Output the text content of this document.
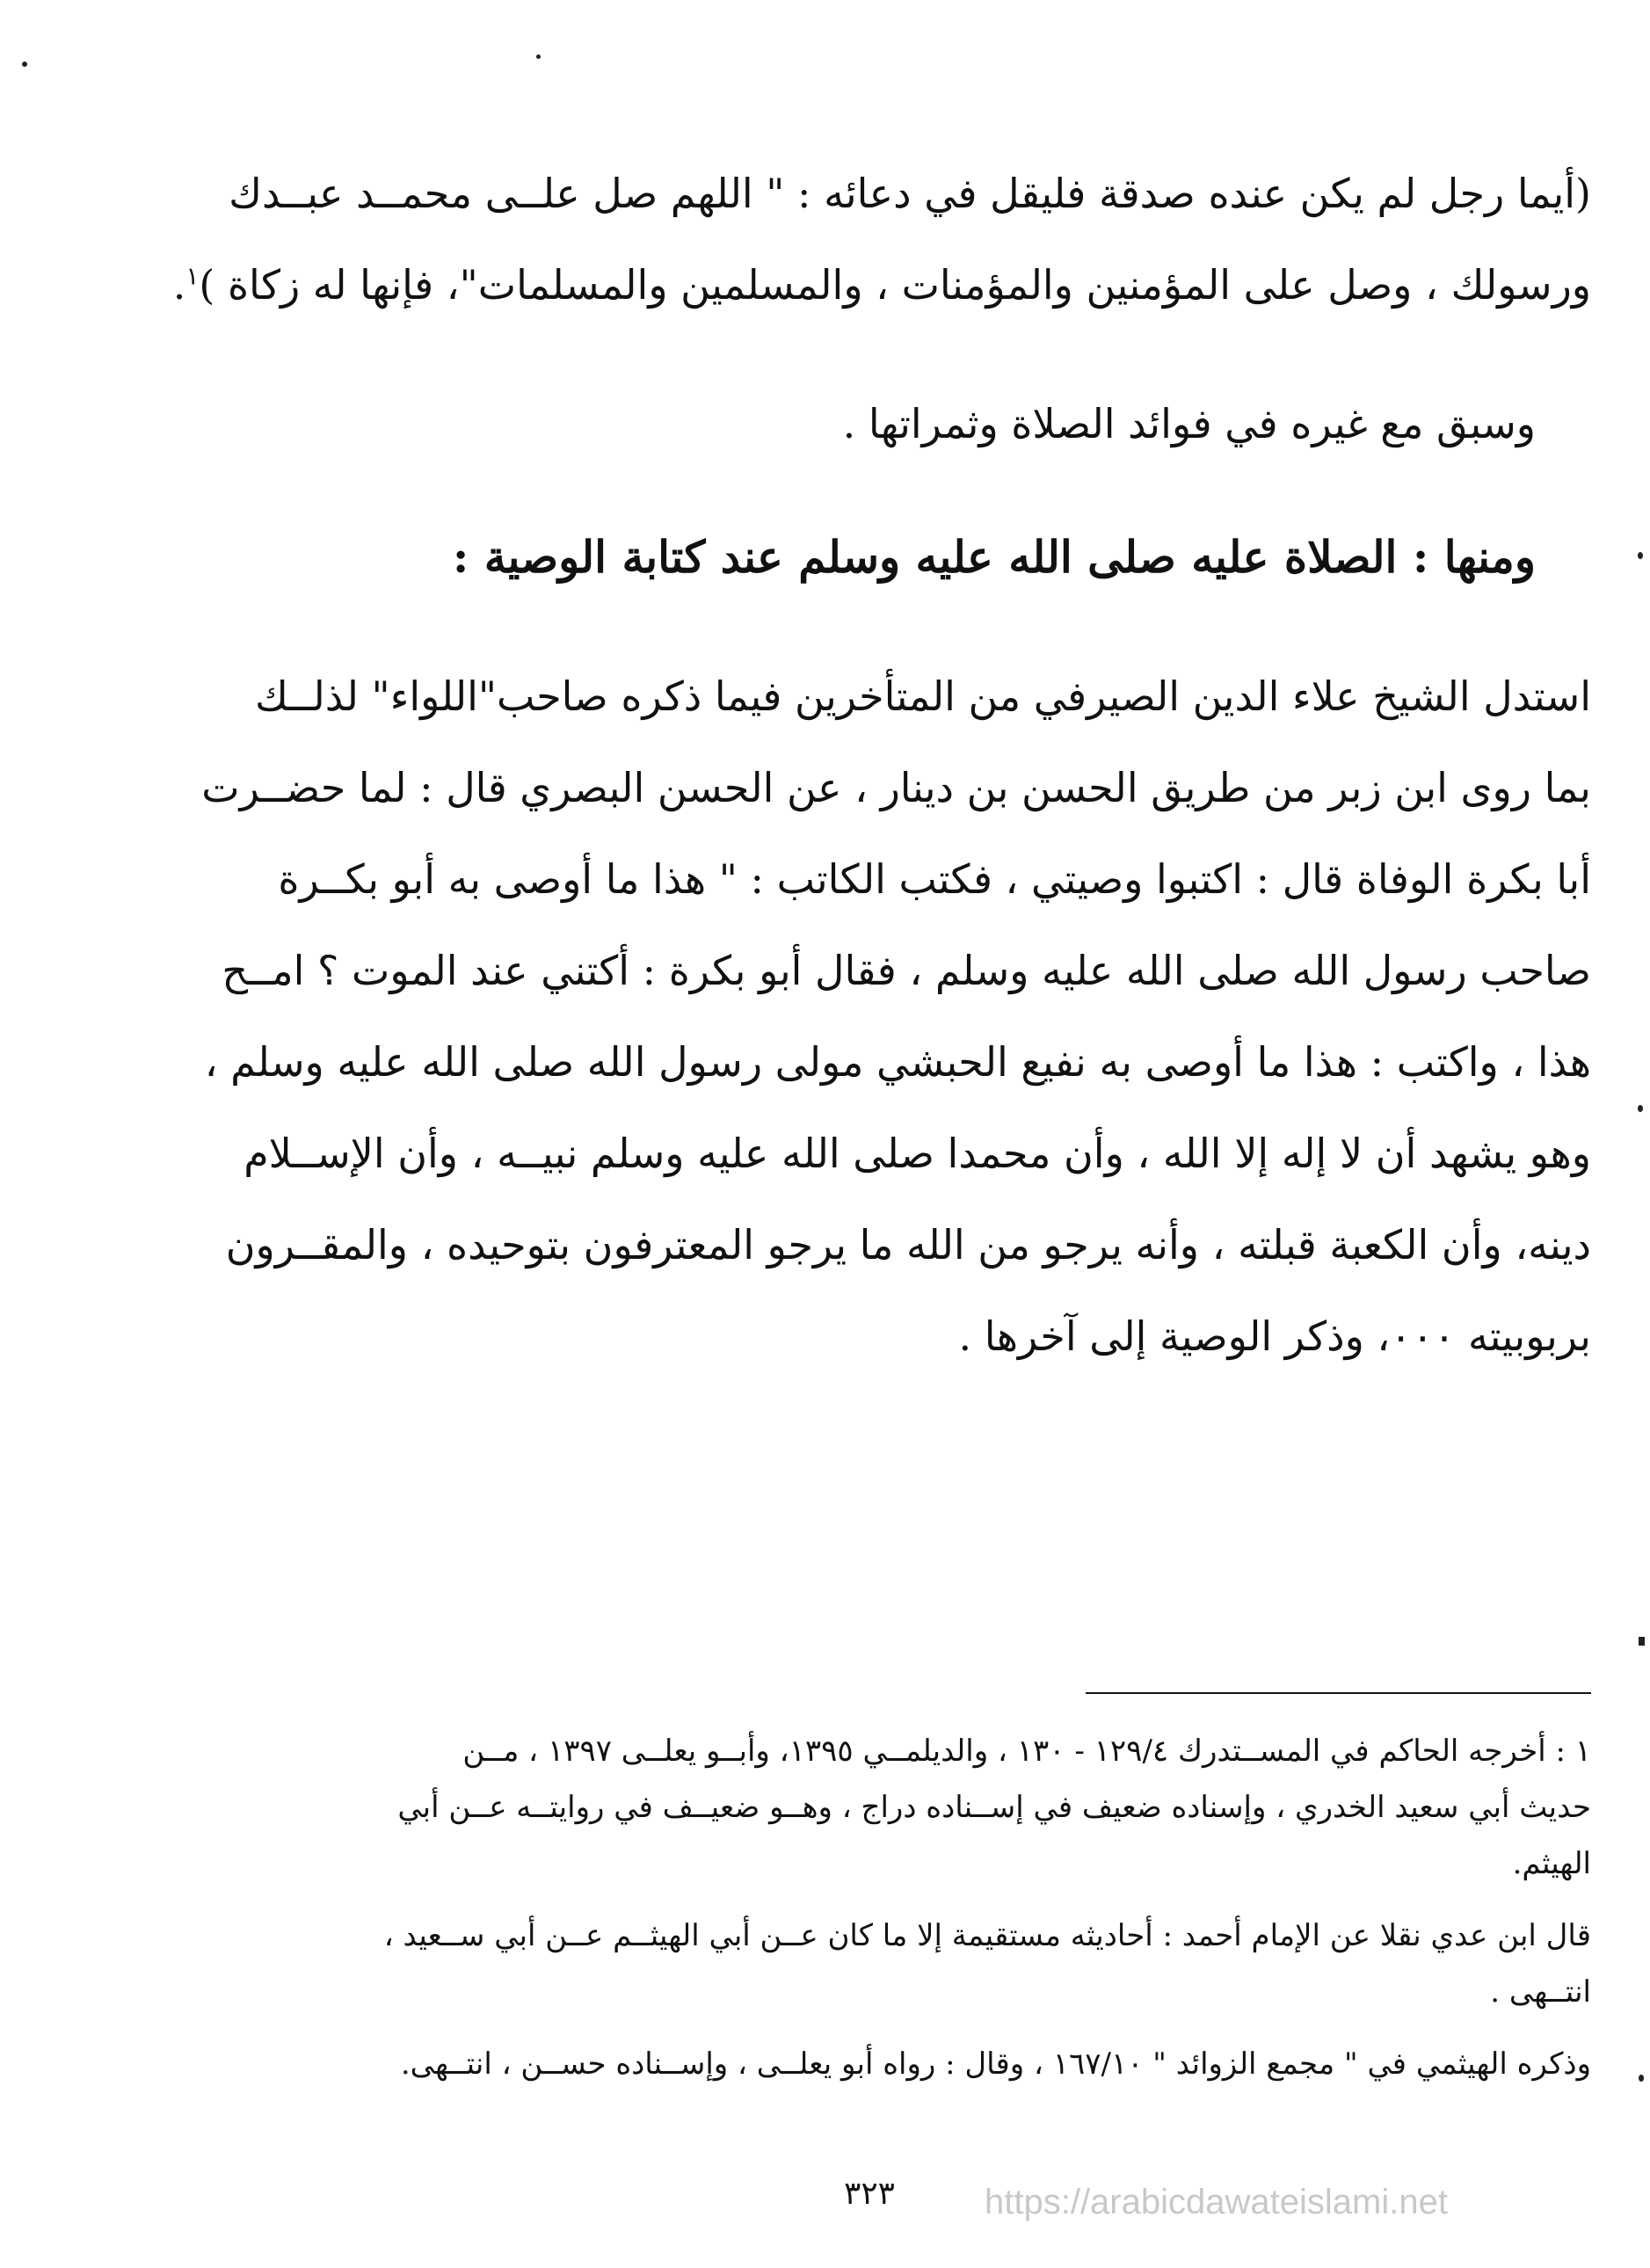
(أيما رجل لم يكن عنده صدقة فليقل في دعائه : " اللهم صل علــى محمــد عبــدك
ورسولك ، وصل على المؤمنين والمؤمنات ، والمسلمين والمسلمات"، فإنها له زكاة )$^١$.
وسبق مع غيره في فوائد الصلاة وثمراتها .
ومنها : الصلاة عليه صلى الله عليه وسلم عند كتابة الوصية :
استدل الشيخ علاء الدين الصيرفي من المتأخرين فيما ذكره صاحب"اللواء" لذلــك
بما روى ابن زبر من طريق الحسن بن دينار ، عن الحسن البصري قال : لما حضــرت
أبا بكرة الوفاة قال : اكتبوا وصيتي ، فكتب الكاتب : " هذا ما أوصى به أبو بكــرة
صاحب رسول الله صلى الله عليه وسلم ، فقال أبو بكرة : أكتني عند الموت ؟ امــح
هذا ، واكتب : هذا ما أوصى به نفيع الحبشي مولى رسول الله صلى الله عليه وسلم ،
وهو يشهد أن لا إله إلا الله ، وأن محمدا صلى الله عليه وسلم نبيــه ، وأن الإســلام
دينه، وأن الكعبة قبلته ، وأنه يرجو من الله ما يرجو المعترفون بتوحيده ، والمقــرون
بربوبيته ٠٠٠، وذكر الوصية إلى آخرها .
١ : أخرجه الحاكم في المســتدرك ١٢٩/٤ - ١٣٠ ، والديلمــي ١٣٩٥، وأبــو يعلــى ١٣٩٧ ، مــن
حديث أبي سعيد الخدري ، وإسناده ضعيف في إســناده دراج ، وهــو ضعيــف في روايتــه عــن أبي
الهيثم.
قال ابن عدي نقلا عن الإمام أحمد : أحاديثه مستقيمة إلا ما كان عــن أبي الهيثــم عــن أبي ســعيد ،
انتــهى .
وذكره الهيثمي في " مجمع الزوائد " ١٦٧/١٠ ، وقال : رواه أبو يعلــى ، وإســناده حســن ، انتــهى.
٣٢٣	https://arabicdawateislami.net
